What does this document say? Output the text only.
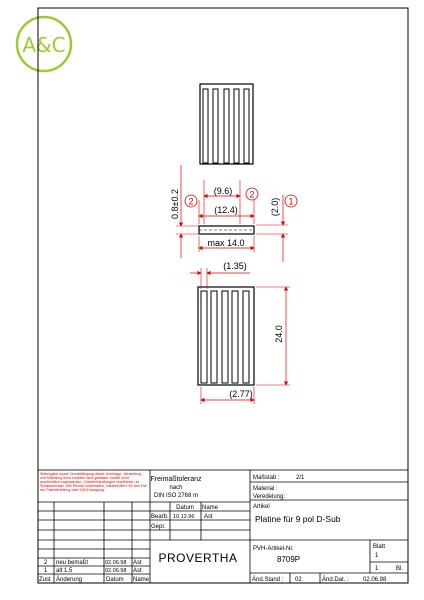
A&C
(9.6)
(12.4)
max 14.0
(2.0)
0.8±0.2 2
2
1
(1.35)
24.0
(2.77)
Weitergabe sowie Vervielfältigung dieser Unterlage, Verwertung und Mitteilung ihres Inhaltes nicht gestattet, soweit nicht ausdrücklich zugestanden. Zuwiderhandlungen verpflichten zu Schadenersatz. Alle Rechte vorbehalten, insbesondere für den Fall der Patenterteilung oder GM-Eintragung.
Freimaßtoleranz
nach
DIN ISO 2768 m
Datum Name
Bearb. 10.12.96 Ast
Gepr.
PROVERTHA
Maßstab :	2/1
Material :
Veredelung:
Artikel
Platine für 9 pol D-Sub
PVH-Artikel-Nr.
8709P
Blatt
1
1	Bl.
Änd.Stand : 02	Änd.Dat. : 02.06.98
2 neu bemaßt	02.06.98 Ast
1 alt 1.5	02.06.98 Ast
Zust Änderung	Datum Name
